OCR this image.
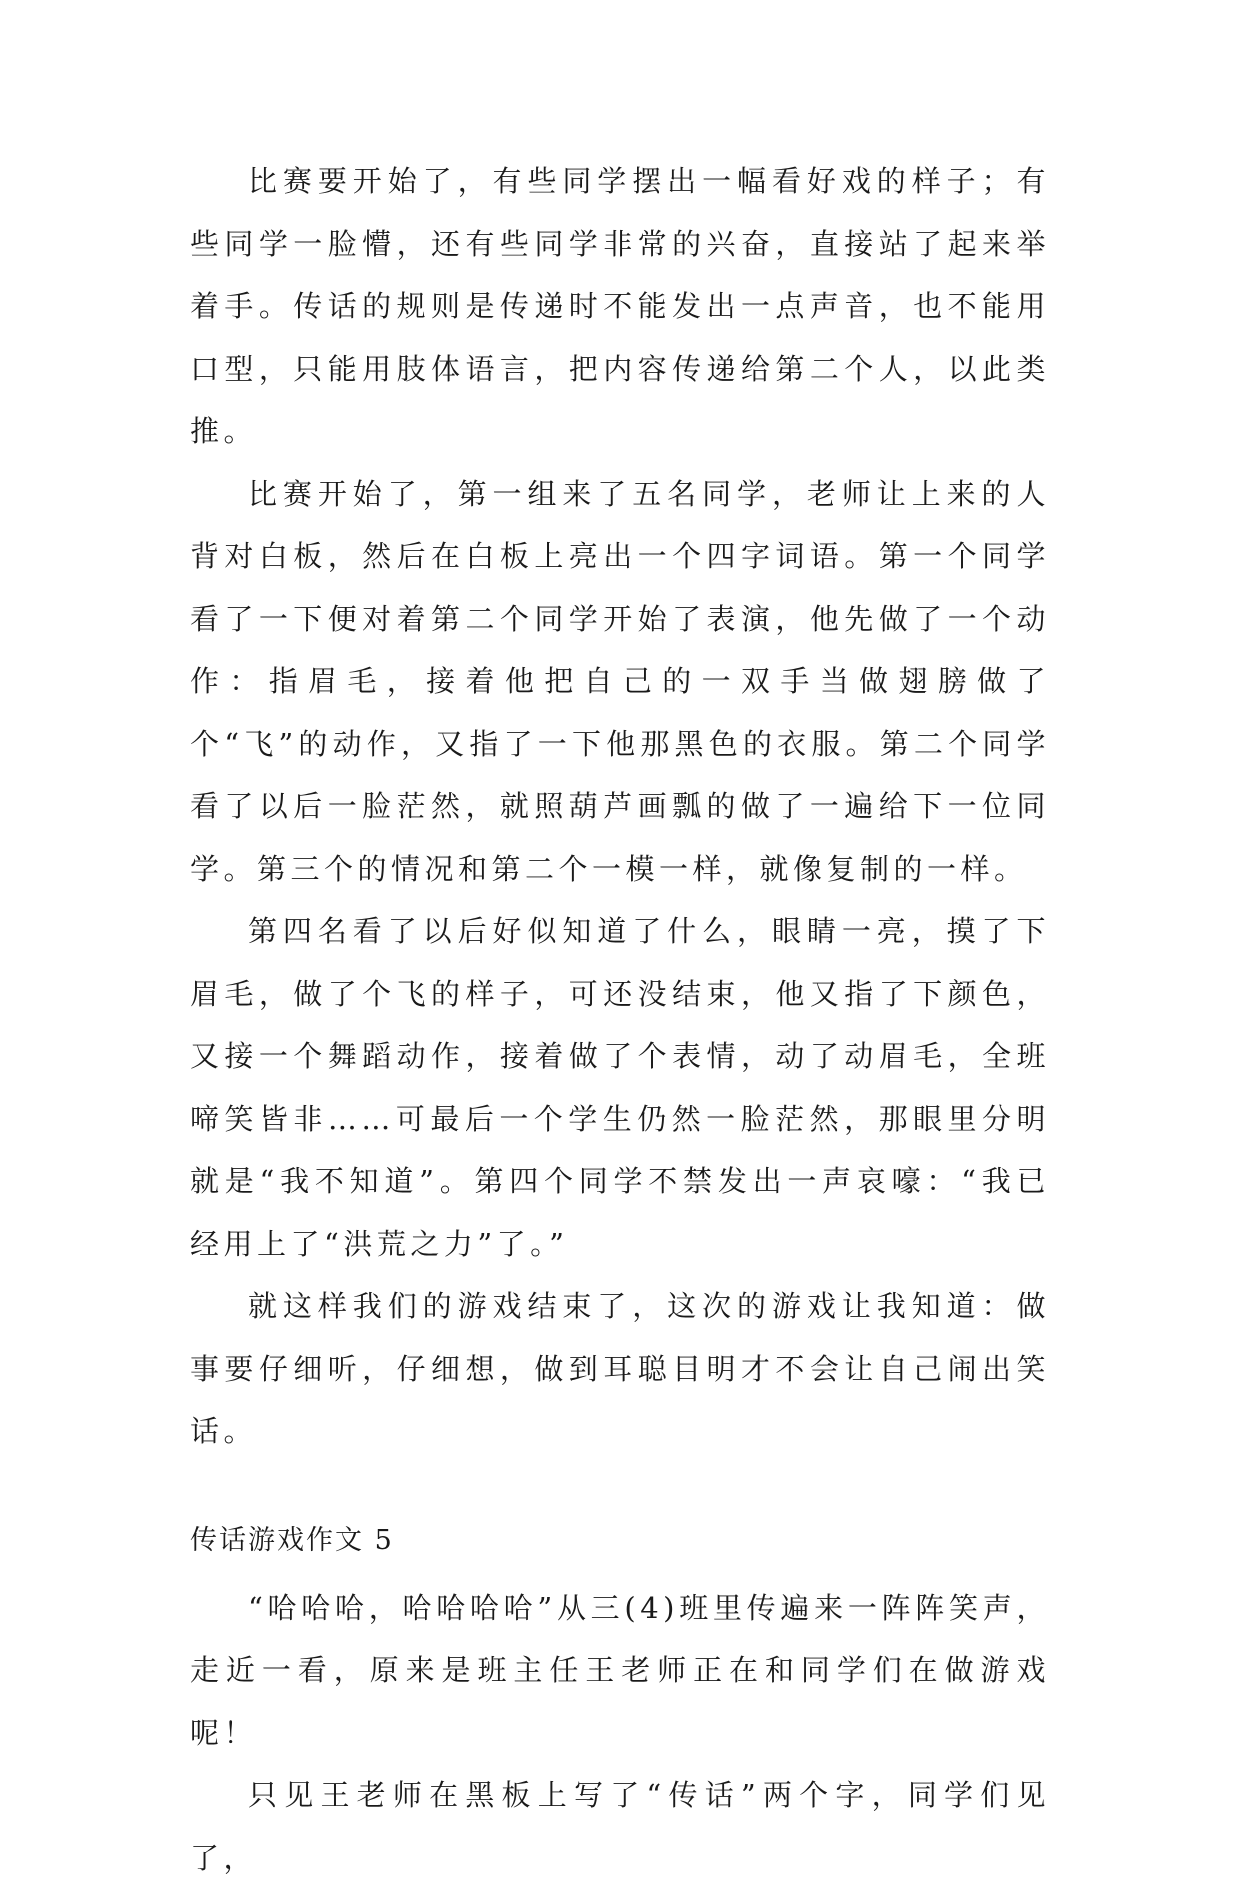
比赛要开始了，有些同学摆出一幅看好戏的样子；有些同学一脸懵，还有些同学非常的兴奋，直接站了起来举着手。传话的规则是传递时不能发出一点声音，也不能用口型，只能用肢体语言，把内容传递给第二个人，以此类推。

比赛开始了，第一组来了五名同学，老师让上来的人背对白板，然后在白板上亮出一个四字词语。第一个同学看了一下便对着第二个同学开始了表演，他先做了一个动作：指眉毛，接着他把自己的一双手当做翅膀做了个“飞”的动作，又指了一下他那黑色的衣服。第二个同学看了以后一脸茫然，就照葫芦画瓢的做了一遍给下一位同学。第三个的情况和第二个一模一样，就像复制的一样。

第四名看了以后好似知道了什么，眼睛一亮，摸了下眉毛，做了个飞的样子，可还没结束，他又指了下颜色，又接一个舞蹈动作，接着做了个表情，动了动眉毛，全班啼笑皆非……可最后一个学生仍然一脸茫然，那眼里分明就是“我不知道”。第四个同学不禁发出一声哀嚎：“我已经用上了“洪荒之力”了。”

就这样我们的游戏结束了，这次的游戏让我知道：做事要仔细听，仔细想，做到耳聪目明才不会让自己闹出笑话。

传话游戏作文 5

“哈哈哈，哈哈哈哈”从三(4)班里传遍来一阵阵笑声，走近一看，原来是班主任王老师正在和同学们在做游戏呢！

只见王老师在黑板上写了“传话”两个字，同学们见了，
